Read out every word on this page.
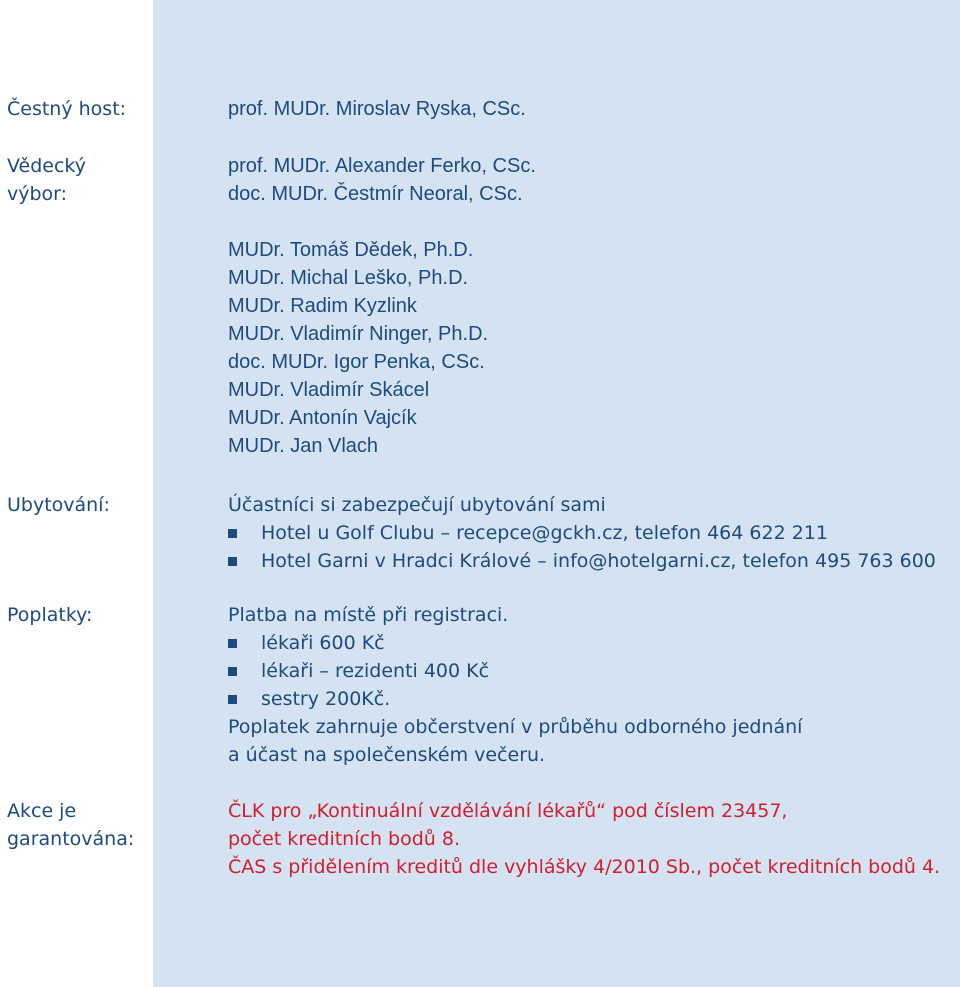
Čestný host:
Vědecký
výbor:
Ubytování:
Poplatky:
Akce je
garantována:
prof. MUDr. Miroslav Ryska, CSc.
prof. MUDr. Alexander Ferko, CSc.
doc. MUDr. Čestmír Neoral, CSc.
MUDr. Tomáš Dědek, Ph.D.
MUDr. Michal Leško, Ph.D.
MUDr. Radim Kyzlink
MUDr. Vladimír Ninger, Ph.D.
doc. MUDr. Igor Penka, CSc.
MUDr. Vladimír Skácel
MUDr. Antonín Vajcík
MUDr. Jan Vlach
Účastníci si zabezpečují ubytování sami
Hotel u Golf Clubu – recepce@gckh.cz, telefon 464 622 211
Hotel Garni v Hradci Králové – info@hotelgarni.cz, telefon 495 763 600
Platba na místě při registraci.
lékaři 600 Kč
lékaři – rezidenti 400 Kč
sestry 200Kč.
Poplatek zahrnuje občerstvení v průběhu odborného jednání
a účast na společenském večeru.
ČLK pro „Kontinuální vzdělávání lékařů“ pod číslem 23457,
počet kreditních bodů 8.
ČAS s přidělením kreditů dle vyhlášky 4/2010 Sb., počet kreditních bodů 4.
